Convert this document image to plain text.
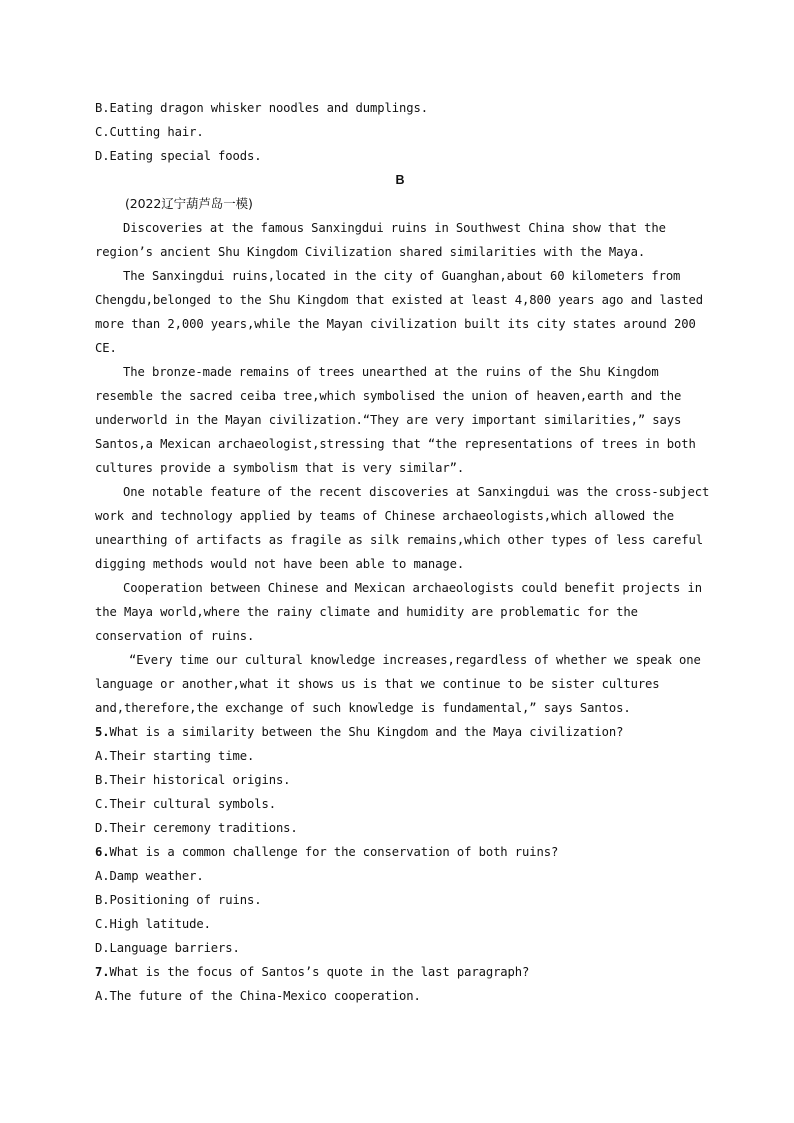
B.Eating dragon whisker noodles and dumplings.
C.Cutting hair.
D.Eating special foods.
B
(2022辽宁葫芦岛一模)
Discoveries at the famous Sanxingdui ruins in Southwest China show that the
region’s ancient Shu Kingdom Civilization shared similarities with the Maya.
The Sanxingdui ruins,located in the city of Guanghan,about 60 kilometers from
Chengdu,belonged to the Shu Kingdom that existed at least 4,800 years ago and lasted
more than 2,000 years,while the Mayan civilization built its city states around 200
CE.
The bronze-made remains of trees unearthed at the ruins of the Shu Kingdom
resemble the sacred ceiba tree,which symbolised the union of heaven,earth and the
underworld in the Mayan civilization.“They are very important similarities,” says
Santos,a Mexican archaeologist,stressing that “the representations of trees in both
cultures provide a symbolism that is very similar”.
One notable feature of the recent discoveries at Sanxingdui was the cross-subject
work and technology applied by teams of Chinese archaeologists,which allowed the
unearthing of artifacts as fragile as silk remains,which other types of less careful
digging methods would not have been able to manage.
Cooperation between Chinese and Mexican archaeologists could benefit projects in
the Maya world,where the rainy climate and humidity are problematic for the
conservation of ruins.
“Every time our cultural knowledge increases,regardless of whether we speak one
language or another,what it shows us is that we continue to be sister cultures
and,therefore,the exchange of such knowledge is fundamental,” says Santos.
5.What is a similarity between the Shu Kingdom and the Maya civilization?
A.Their starting time.
B.Their historical origins.
C.Their cultural symbols.
D.Their ceremony traditions.
6.What is a common challenge for the conservation of both ruins?
A.Damp weather.
B.Positioning of ruins.
C.High latitude.
D.Language barriers.
7.What is the focus of Santos’s quote in the last paragraph?
A.The future of the China-Mexico cooperation.
